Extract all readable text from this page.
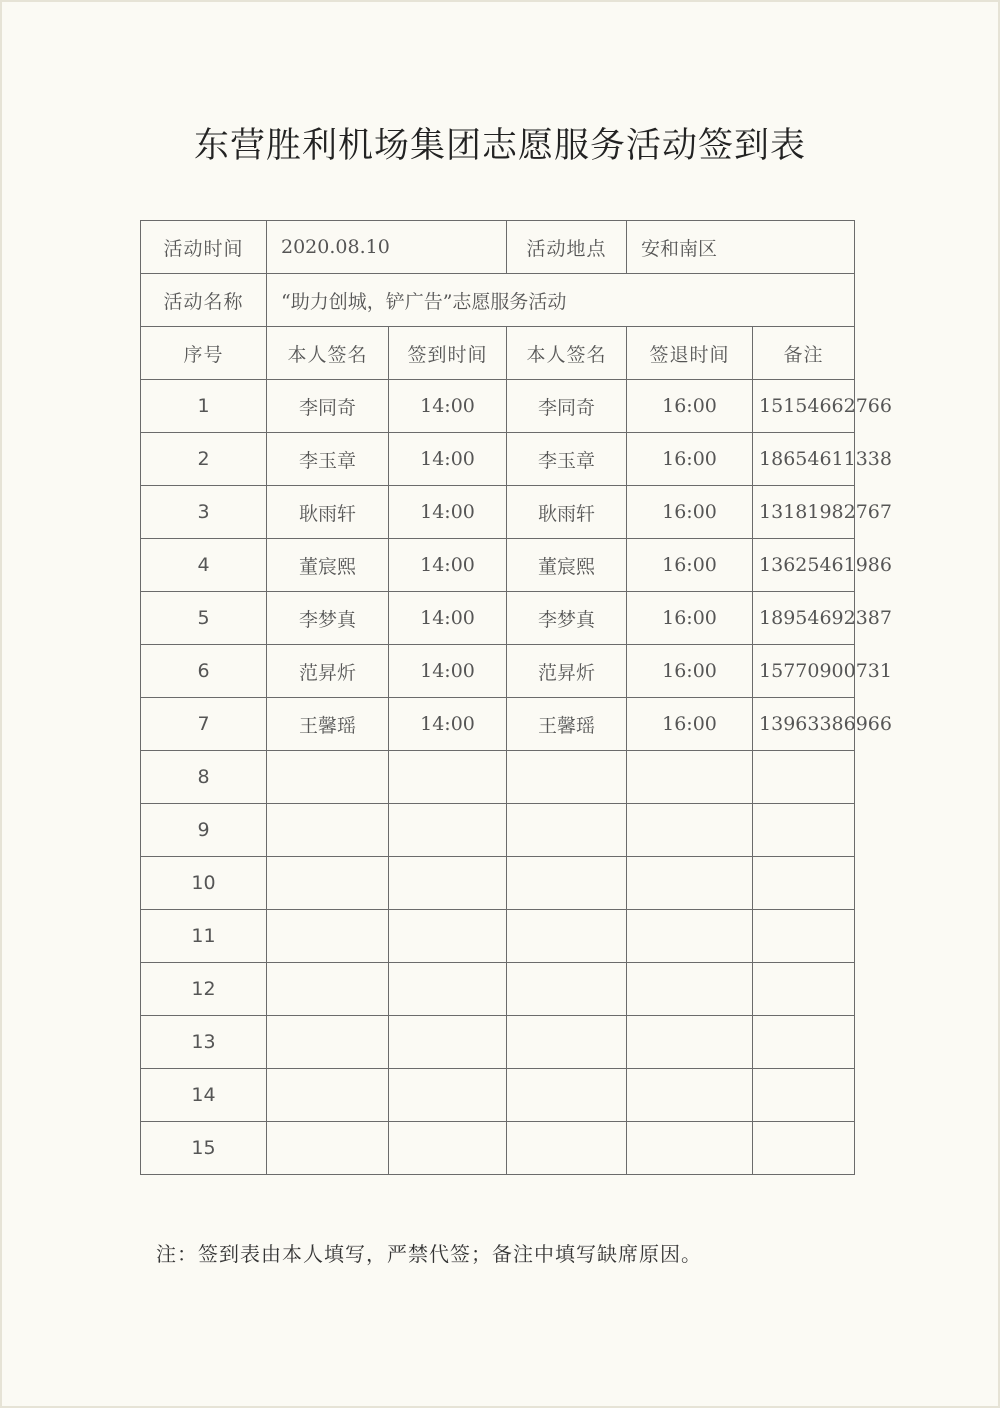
东营胜利机场集团志愿服务活动签到表
活动时间	2020.08.10		活动地点	安和南区	
活动名称	“助力创城，铲广告”志愿服务活动				
序号	本人签名	签到时间	本人签名	签退时间	备注
1	李同奇	14:00	李同奇	16:00	15154662766
2	李玉章	14:00	李玉章	16:00	18654611338
3	耿雨轩	14:00	耿雨轩	16:00	13181982767
4	董宸熙	14:00	董宸熙	16:00	13625461986
5	李梦真	14:00	李梦真	16:00	18954692387
6	范昇炘	14:00	范昇炘	16:00	15770900731
7	王馨瑶	14:00	王馨瑶	16:00	13963386966
8					
9					
10					
11					
12					
13					
14					
15					
注：签到表由本人填写，严禁代签；备注中填写缺席原因。
